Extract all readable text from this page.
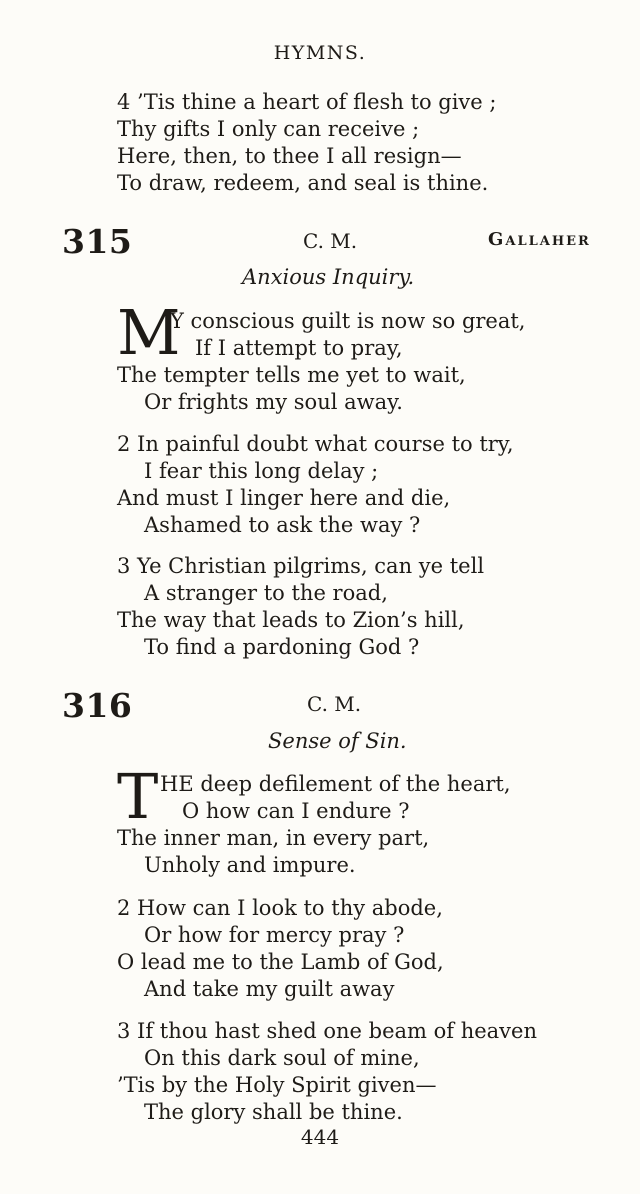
HYMNS.
4 ’Tis thine a heart of flesh to give ;
Thy gifts I only can receive ;
Here, then, to thee I all resign—
To draw, redeem, and seal is thine.
315	C. M.	Gallaher
Anxious Inquiry.
M
Y conscious guilt is now so great,
If I attempt to pray,
The tempter tells me yet to wait,
Or frights my soul away.
2 In painful doubt what course to try,
I fear this long delay ;
And must I linger here and die,
Ashamed to ask the way ?
3 Ye Christian pilgrims, can ye tell
A stranger to the road,
The way that leads to Zion’s hill,
To find a pardoning God ?
316	C. M.
Sense of Sin.
T HE deep defilement of the heart,
O how can I endure ?
The inner man, in every part,
Unholy and impure.
2 How can I look to thy abode,
Or how for mercy pray ?
O lead me to the Lamb of God,
And take my guilt away
3 If thou hast shed one beam of heaven
On this dark soul of mine,
’Tis by the Holy Spirit given—
The glory shall be thine.
444
